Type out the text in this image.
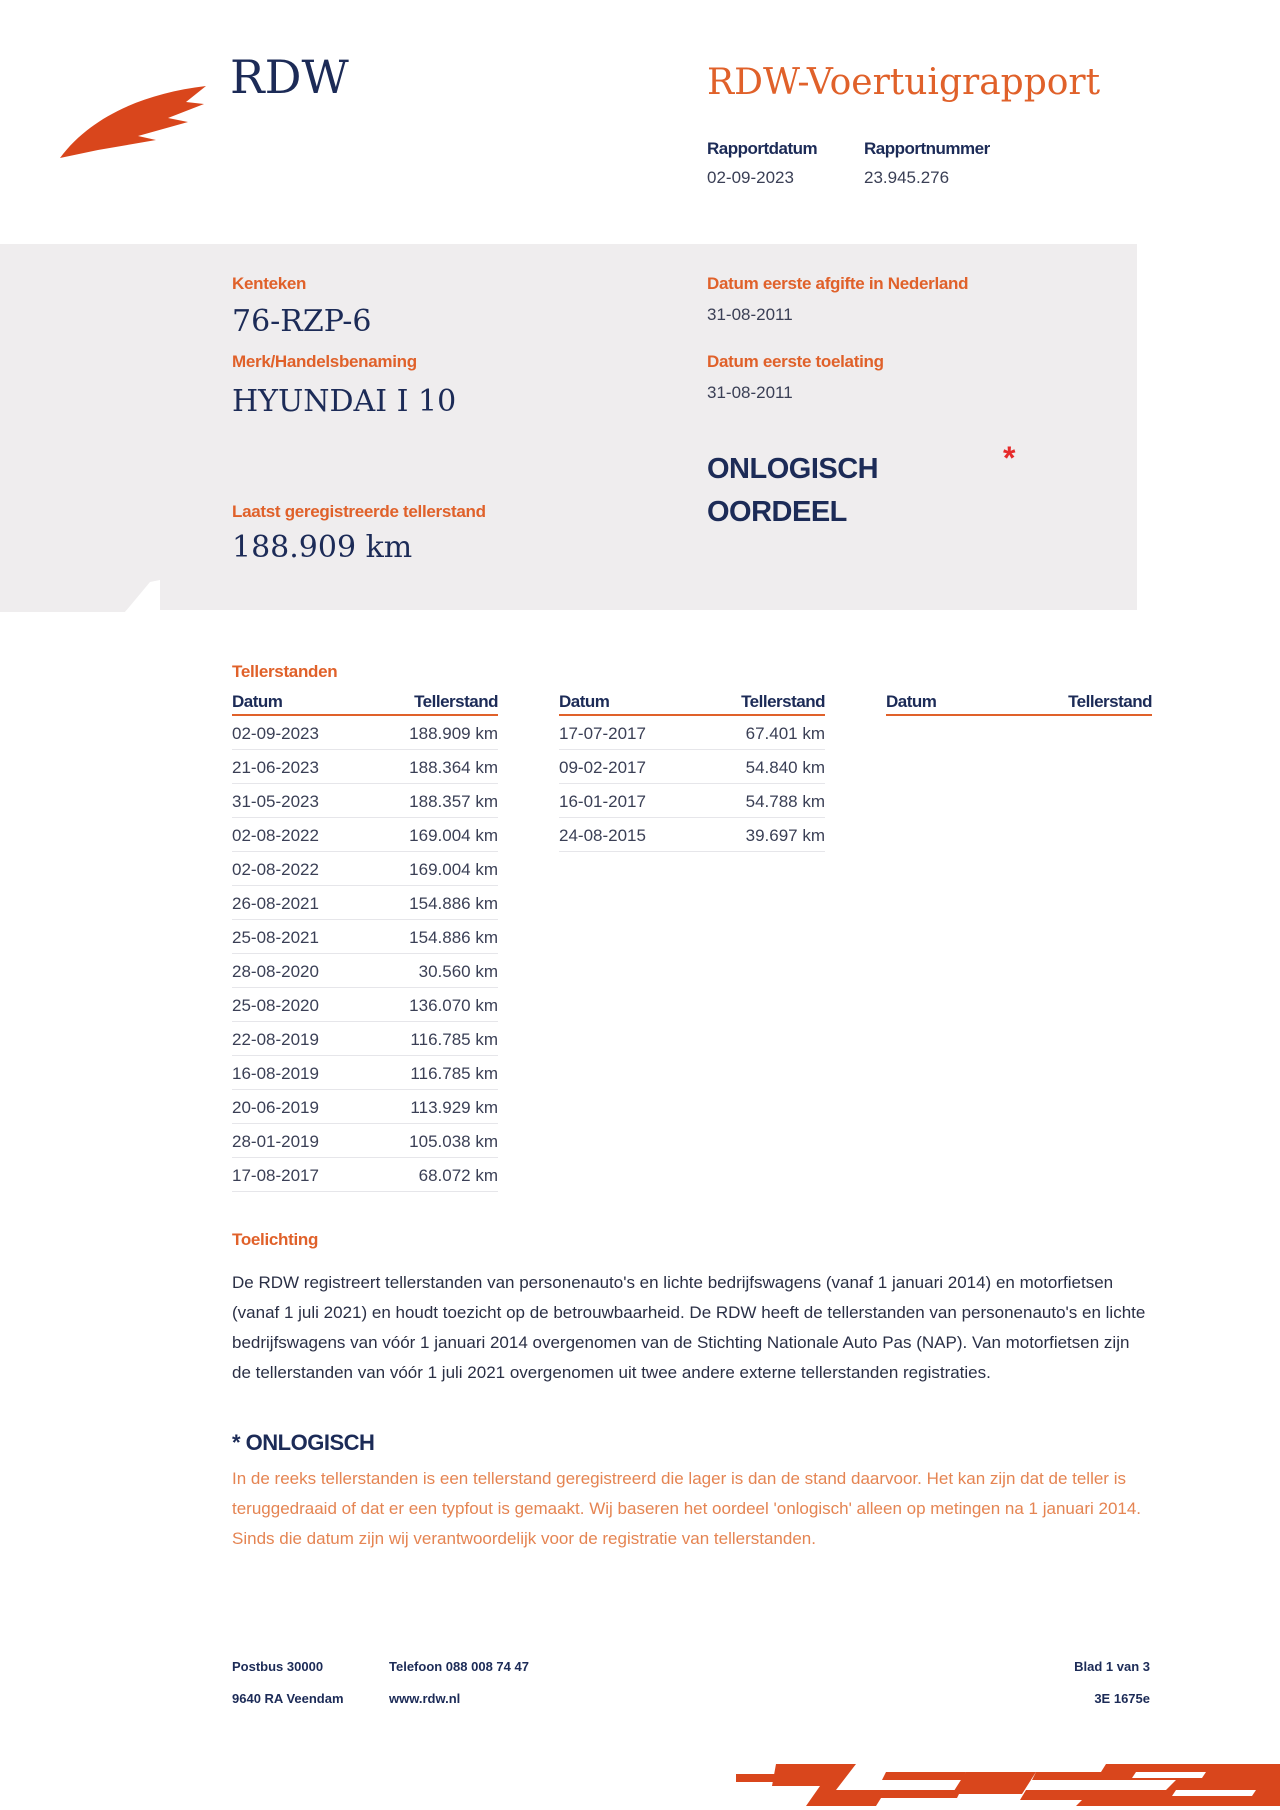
RDW	RDW-Voertuigrapport
Rapportdatum
02-09-2023
Rapportnummer
23.945.276
Kenteken
76-RZP-6
Merk/Handelsbenaming
HYUNDAI I 10
Datum eerste afgifte in Nederland
31-08-2011
Datum eerste toelating
31-08-2011
ONLOGISCH
OORDEEL
*
Laatst geregistreerde tellerstand
188.909 km
Tellerstanden
Datum	Tellerstand
02-09-2023	188.909 km
21-06-2023	188.364 km
31-05-2023	188.357 km
02-08-2022	169.004 km
02-08-2022	169.004 km
26-08-2021	154.886 km
25-08-2021	154.886 km
28-08-2020	30.560 km
25-08-2020	136.070 km
22-08-2019	116.785 km
16-08-2019	116.785 km
20-06-2019	113.929 km
28-01-2019	105.038 km
17-08-2017	68.072 km
Datum	Tellerstand
17-07-2017	67.401 km
09-02-2017	54.840 km
16-01-2017	54.788 km
24-08-2015	39.697 km
Datum	Tellerstand
Toelichting

De RDW registreert tellerstanden van personenauto's en lichte bedrijfswagens (vanaf 1 januari 2014) en motorfietsen (vanaf 1 juli 2021) en houdt toezicht op de betrouwbaarheid. De RDW heeft de tellerstanden van personenauto's en lichte bedrijfswagens van vóór 1 januari 2014 overgenomen van de Stichting Nationale Auto Pas (NAP). Van motorfietsen zijn de tellerstanden van vóór 1 juli 2021 overgenomen uit twee andere externe tellerstanden registraties.

* ONLOGISCH

In de reeks tellerstanden is een tellerstand geregistreerd die lager is dan de stand daarvoor. Het kan zijn dat de teller is teruggedraaid of dat er een typfout is gemaakt. Wij baseren het oordeel 'onlogisch' alleen op metingen na 1 januari 2014. Sinds die datum zijn wij verantwoordelijk voor de registratie van tellerstanden.

Postbus 30000
9640 RA Veendam
Telefoon 088 008 74 47
www.rdw.nl
Blad 1 van 3
3E 1675e
